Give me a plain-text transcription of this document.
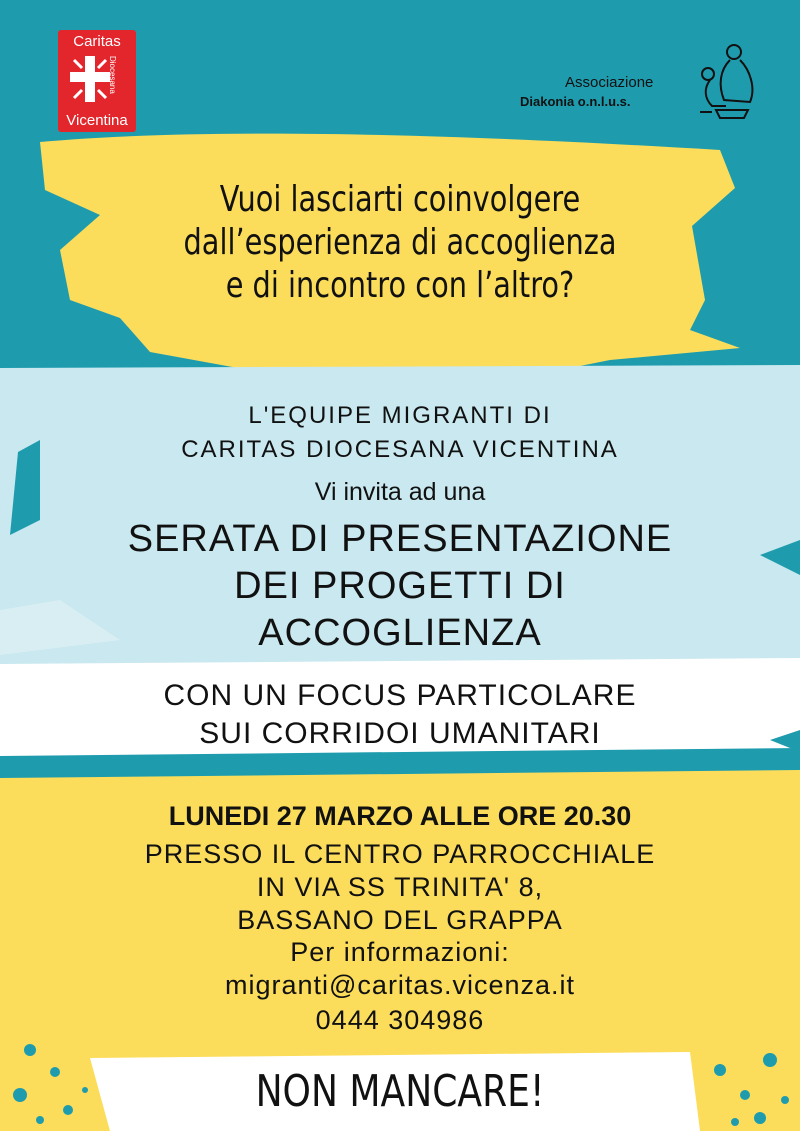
Caritas
Diocesana
Vicentina
Associazione
Diakonia o.n.l.u.s.
Vuoi lasciarti coinvolgere
dall’esperienza di accoglienza
e di incontro con l’altro?
L'EQUIPE MIGRANTI DI
CARITAS DIOCESANA VICENTINA
Vi invita ad una
SERATA DI PRESENTAZIONE
DEI PROGETTI DI
ACCOGLIENZA
CON UN FOCUS PARTICOLARE
SUI CORRIDOI UMANITARI
LUNEDI 27 MARZO ALLE ORE 20.30
PRESSO IL CENTRO PARROCCHIALE
IN VIA SS TRINITA' 8,
BASSANO DEL GRAPPA
Per informazioni:
migranti@caritas.vicenza.it
0444 304986
NON MANCARE!
